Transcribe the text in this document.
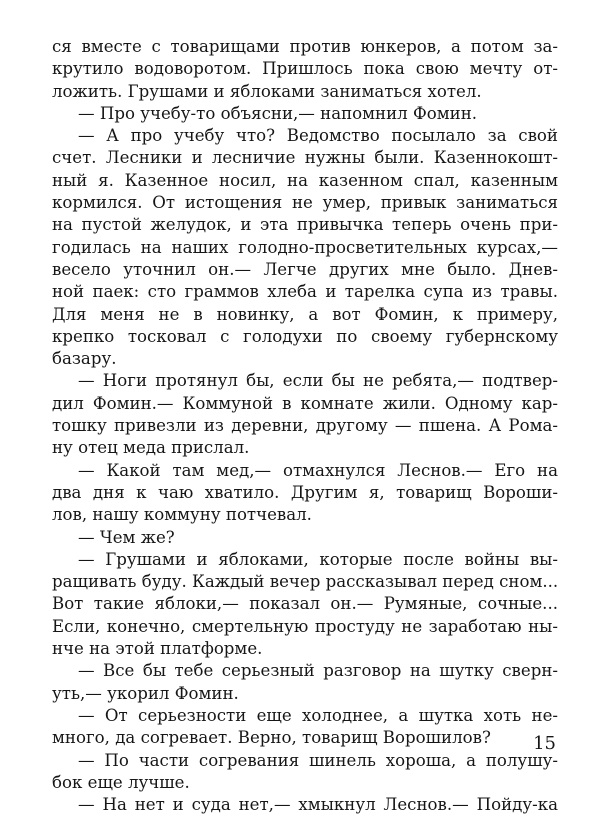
ся вместе с товарищами против юнкеров, а потом за-
крутило водоворотом. Пришлось пока свою мечту от-
ложить. Грушами и яблоками заниматься хотел.
— Про учебу-то объясни,— напомнил Фомин.
— А про учебу что? Ведомство посылало за свой
счет. Лесники и лесничие нужны были. Казеннокошт-
ный я. Казенное носил, на казенном спал, казенным
кормился. От истощения не умер, привык заниматься
на пустой желудок, и эта привычка теперь очень при-
годилась на наших голодно-просветительных курсах,—
весело уточнил он.— Легче других мне было. Днев-
ной паек: сто граммов хлеба и тарелка супа из травы.
Для меня не в новинку, а вот Фомин, к примеру,
крепко тосковал с голодухи по своему губернскому
базару.
— Ноги протянул бы, если бы не ребята,— подтвер-
дил Фомин.— Коммуной в комнате жили. Одному кар-
тошку привезли из деревни, другому — пшена. А Рома-
ну отец меда прислал.
— Какой там мед,— отмахнулся Леснов.— Его на
два дня к чаю хватило. Другим я, товарищ Вороши-
лов, нашу коммуну потчевал.
— Чем же?
— Грушами и яблоками, которые после войны вы-
ращивать буду. Каждый вечер рассказывал перед сном...
Вот такие яблоки,— показал он.— Румяные, сочные...
Если, конечно, смертельную простуду не заработаю ны-
нче на этой платформе.
— Все бы тебе серьезный разговор на шутку сверн-
уть,— укорил Фомин.
— От серьезности еще холоднее, а шутка хоть не-
много, да согревает. Верно, товарищ Ворошилов?
— По части согревания шинель хороша, а полушу-
бок еще лучше.
— На нет и суда нет,— хмыкнул Леснов.— Пойду-ка
15
